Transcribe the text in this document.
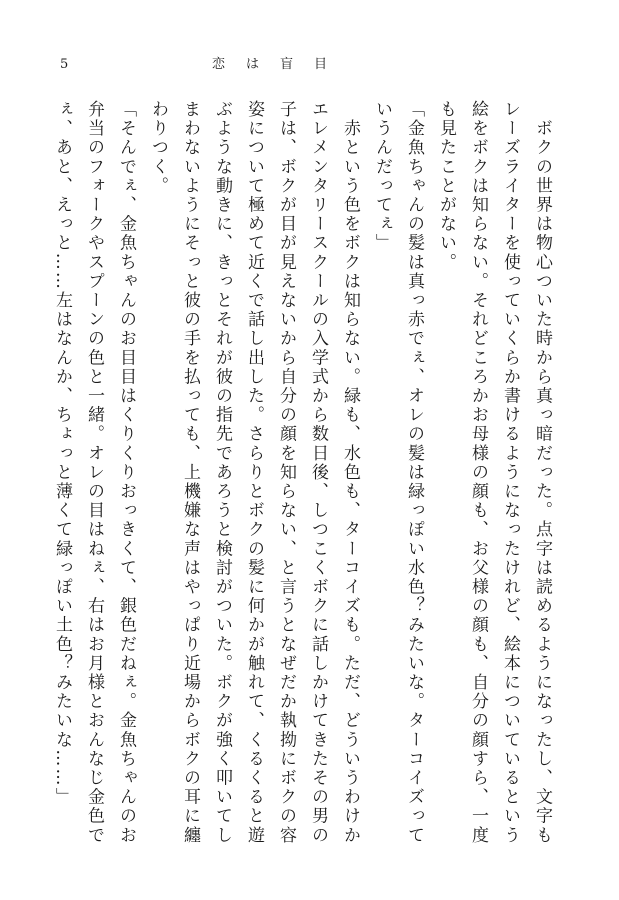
5	恋は盲目
　ボクの世界は物心ついた時から真っ暗だった。点字は読めるようになったし、文字もレーズライターを使っていくらか書けるようになったけれど、絵本についているという絵をボクは知らない。それどころかお母様の顔も、お父様の顔も、自分の顔すら、一度も見たことがない。
「金魚ちゃんの髪は真っ赤でぇ、オレの髪は緑っぽい水色？みたいな。ターコイズっていうんだってぇ」
　赤という色をボクは知らない。緑も、水色も、ターコイズも。ただ、どういうわけかエレメンタリースクールの入学式から数日後、しつこくボクに話しかけてきたその男の子は、ボクが目が見えないから自分の顔を知らない、と言うとなぜだか執拗にボクの容姿について極めて近くで話し出した。さらりとボクの髪に何かが触れて、くるくると遊ぶような動きに、きっとそれが彼の指先であろうと検討がついた。ボクが強く叩いてしまわないようにそっと彼の手を払っても、上機嫌な声はやっぱり近場からボクの耳に纏わりつく。
「そんでぇ、金魚ちゃんのお目目はくりくりおっきくて、銀色だねぇ。金魚ちゃんのお弁当のフォークやスプーンの色と一緒。オレの目はねぇ、右はお月様とおんなじ金色でぇ、あと、えっと……左はなんか、ちょっと薄くて緑っぽい土色？みたいな……」
